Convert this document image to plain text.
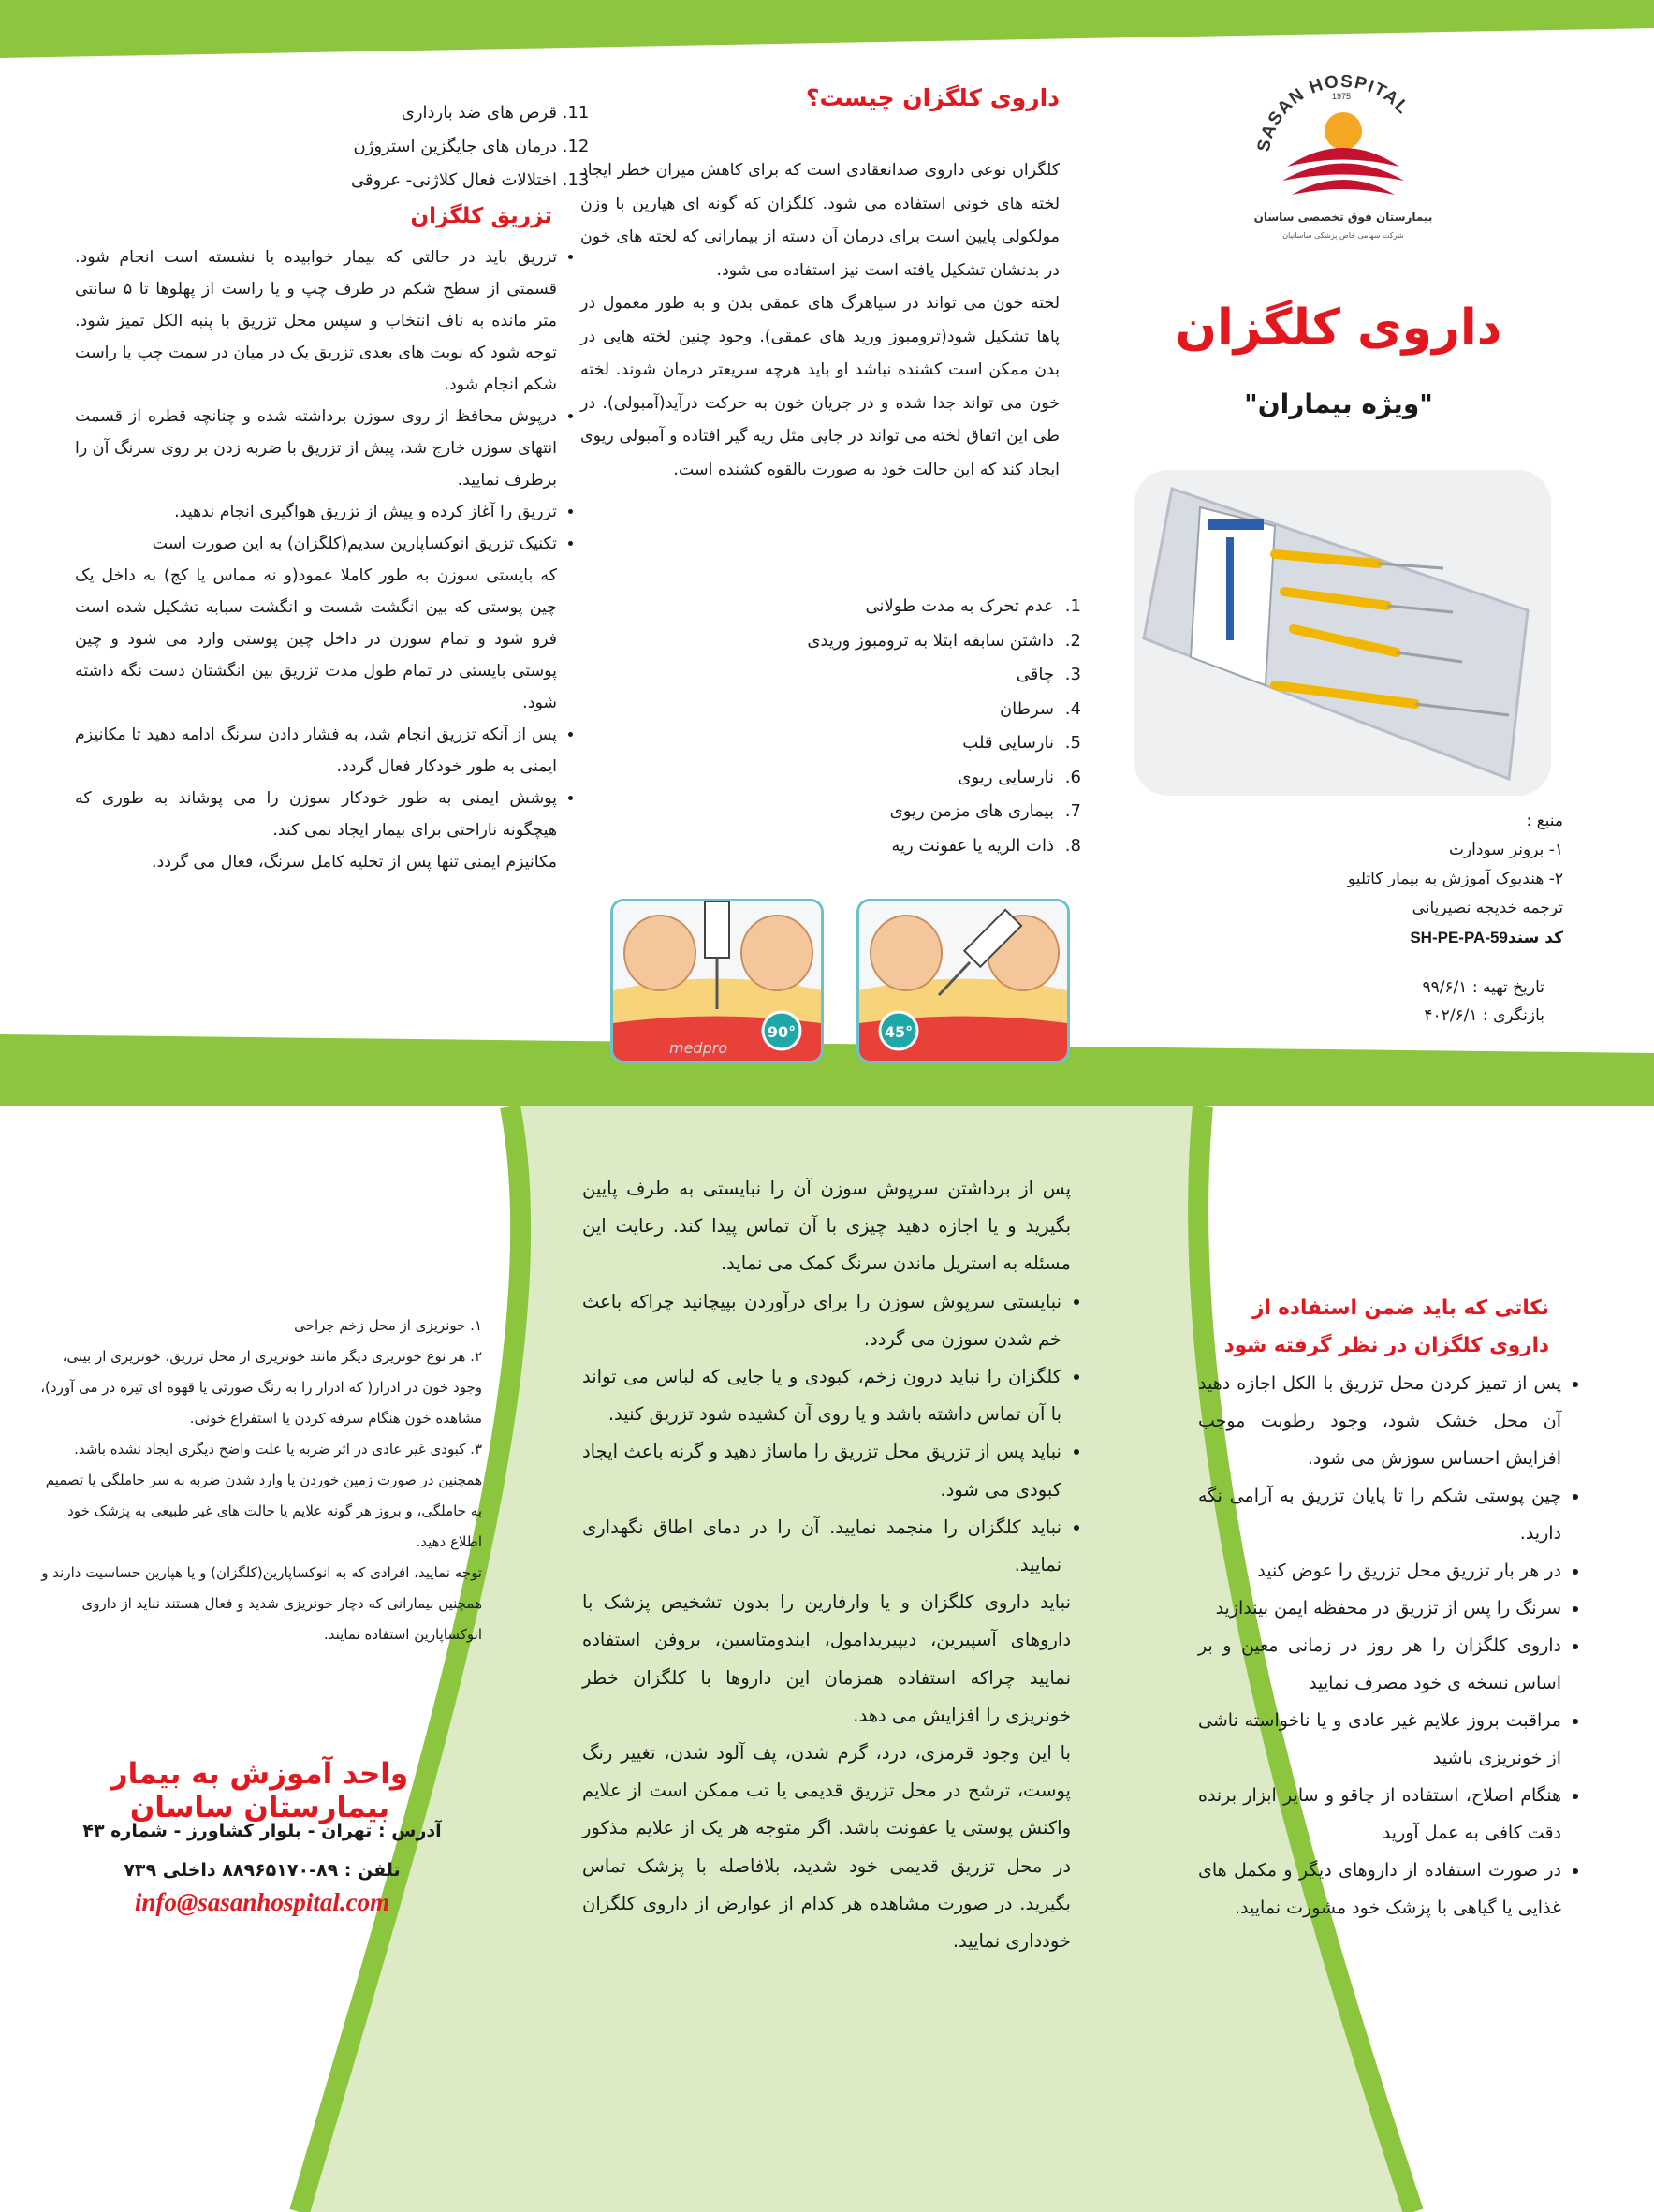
SASAN HOSPITAL
1975
بیمارستان فوق تخصصی ساسان
شرکت سهامی خاص پزشکی ساسانیان
داروی کلگزان
"ویژه بیماران"
منبع :
۱- برونر سودارث
۲- هندبوک آموزش به بیمار کاتلیو
ترجمه خدیجه نصیریانی
کد سندSH-PE-PA-59
تاریخ تهیه : ۹۹/۶/۱
بازنگری : ۴۰۲/۶/۱
داروی کلگزان چیست؟

کلگزان نوعی داروی ضدانعقادی است که برای کاهش میزان خطر ایجاد لخته های خونی استفاده می شود. کلگزان که گونه ای هپارین با وزن مولکولی پایین است برای درمان آن دسته از بیمارانی که لخته های خون در بدنشان تشکیل یافته است نیز استفاده می شود.

لخته خون می تواند در سیاهرگ های عمقی بدن و به طور معمول در پاها تشکیل شود(ترومبوز ورید های عمقی). وجود چنین لخته هایی در بدن ممکن است کشنده نباشد او باید هرچه سریعتر درمان شوند. لخته خون می تواند جدا شده و در جریان خون به حرکت درآید(آمبولی). در طی این اتفاق لخته می تواند در جایی مثل ریه گیر افتاده و آمبولی ریوی ایجاد کند که این حالت خود به صورت بالقوه کشنده است.

1. عدم تحرک به مدت طولانی
2. داشتن سابقه ابتلا به ترومبوز وریدی
3. چاقی
4. سرطان
5. نارسایی قلب
6. نارسایی ریوی
7. بیماری های مزمن ریوی
8. ذات الریه یا عفونت ریه
90°
medpro
45°
11. قرص های ضد بارداری
12. درمان های جایگزین استروژن
13. اختلالات فعال کلاژنی- عروقی
تزریق کلگزان
• تزریق باید در حالتی که بیمار خوابیده یا نشسته است انجام شود. قسمتی از سطح شکم در طرف چپ و یا راست از پهلوها تا ۵ سانتی متر مانده به ناف انتخاب و سپس محل تزریق با پنبه الکل تمیز شود. توجه شود که نوبت های بعدی تزریق یک در میان در سمت چپ یا راست شکم انجام شود.
• درپوش محافظ از روی سوزن برداشته شده و چنانچه قطره از قسمت انتهای سوزن خارج شد، پیش از تزریق با ضربه زدن بر روی سرنگ آن را برطرف نمایید.
• تزریق را آغاز کرده و پیش از تزریق هواگیری انجام ندهید.
• تکنیک تزریق انوکساپارین سدیم(کلگزان) به این صورت است
که بایستی سوزن به طور کاملا عمود(و نه مماس یا کج) به داخل یک چین پوستی که بین انگشت شست و انگشت سبابه تشکیل شده است فرو شود و تمام سوزن در داخل چین پوستی وارد می شود و چین پوستی بایستی در تمام طول مدت تزریق بین انگشتان دست نگه داشته شود.
• پس از آنکه تزریق انجام شد، به فشار دادن سرنگ ادامه دهید تا مکانیزم ایمنی به طور خودکار فعال گردد.
• پوشش ایمنی به طور خودکار سوزن را می پوشاند به طوری که هیچگونه ناراحتی برای بیمار ایجاد نمی کند.
مکانیزم ایمنی تنها پس از تخلیه کامل سرنگ، فعال می گردد.
نکاتی که باید ضمن استفاده از داروی کلگزان در نظر گرفته شود
• پس از تمیز کردن محل تزریق با الکل اجازه دهید آن محل خشک شود، وجود رطوبت موجب افزایش احساس سوزش می شود.
• چین پوستی شکم را تا پایان تزریق به آرامی نگه دارید.
• در هر بار تزریق محل تزریق را عوض کنید
• سرنگ را پس از تزریق در محفظه ایمن بیندازید
• داروی کلگزان را هر روز در زمانی معین و بر اساس نسخه ی خود مصرف نمایید
• مراقبت بروز علایم غیر عادی و یا ناخواسته ناشی از خونریزی باشید
• هنگام اصلاح، استفاده از چاقو و سایر ابزار برنده دقت کافی به عمل آورید
• در صورت استفاده از داروهای دیگر و مکمل های غذایی یا گیاهی با پزشک خود مشورت نمایید.
پس از برداشتن سرپوش سوزن آن را نبایستی به طرف پایین بگیرید و یا اجازه دهید چیزی با آن تماس پیدا کند. رعایت این مسئله به استریل ماندن سرنگ کمک می نماید.
• نبایستی سرپوش سوزن را برای درآوردن بپیچانید چراکه باعث خم شدن سوزن می گردد.
• کلگزان را نباید درون زخم، کبودی و یا جایی که لباس می تواند با آن تماس داشته باشد و یا روی آن کشیده شود تزریق کنید.
• نباید پس از تزریق محل تزریق را ماساژ دهید و گرنه باعث ایجاد کبودی می شود.
• نباید کلگزان را منجمد نمایید. آن را در دمای اطاق نگهداری نمایید.
نباید داروی کلگزان و یا وارفارین را بدون تشخیص پزشک با داروهای آسپیرین، دیپیریدامول، ایندومتاسین، بروفن استفاده نمایید چراکه استفاده همزمان این داروها با کلگزان خطر خونریزی را افزایش می دهد.
با این وجود قرمزی، درد، گرم شدن، پف آلود شدن، تغییر رنگ پوست، ترشح در محل تزریق قدیمی یا تب ممکن است از علایم واکنش پوستی یا عفونت باشد. اگر متوجه هر یک از علایم مذکور در محل تزریق قدیمی خود شدید، بلافاصله با پزشک تماس بگیرید. در صورت مشاهده هر کدام از عوارض از داروی کلگزان خودداری نمایید.

۱. خونریزی از محل زخم جراحی

۲. هر نوع خونریزی دیگر مانند خونریزی از محل تزریق، خونریزی از بینی، وجود خون در ادرار( که ادرار را به رنگ صورتی یا قهوه ای تیره در می آورد)، مشاهده خون هنگام سرفه کردن یا استفراغ خونی.

۳. کبودی غیر عادی در اثر ضربه یا علت واضح دیگری ایجاد نشده باشد.

همچنین در صورت زمین خوردن یا وارد شدن ضربه به سر حاملگی یا تصمیم به حاملگی، و بروز هر گونه علایم یا حالت های غیر طبیعی به پزشک خود اطلاع دهید.

توجه نمایید، افرادی که به انوکساپارین(کلگزان) و یا هپارین حساسیت دارند و همچنین بیمارانی که دچار خونریزی شدید و فعال هستند نباید از داروی انوکساپارین استفاده نمایند.

واحد آموزش به بیمار بیمارستان ساسان
آدرس : تهران - بلوار کشاورز - شماره ۴۳
تلفن : ۸۹-۸۸۹۶۵۱۷۰ داخلی ۷۳۹
info@sasanhospital.com
